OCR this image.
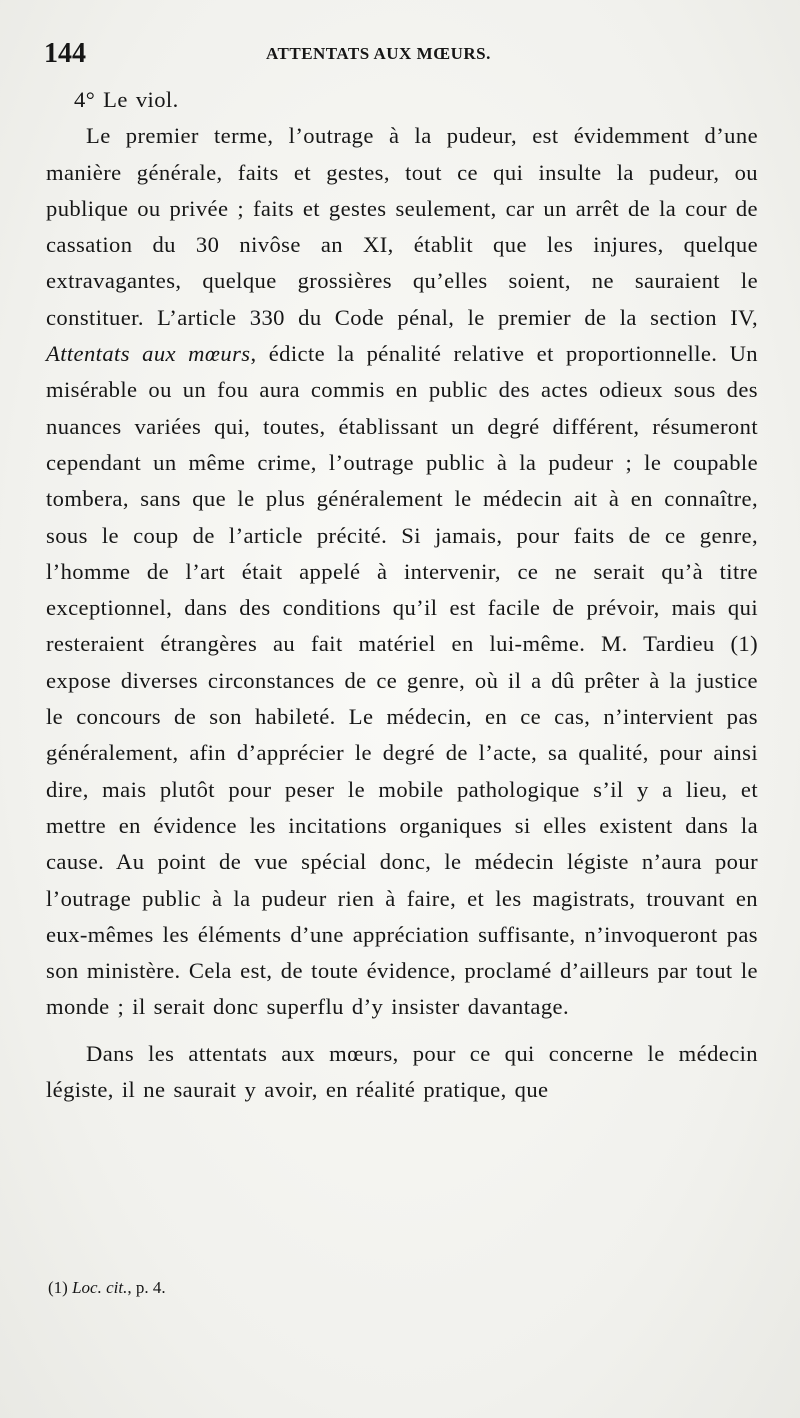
144	ATTENTATS AUX MŒURS.

4° Le viol.

Le premier terme, l’outrage à la pudeur, est évidemment d’une manière générale, faits et gestes, tout ce qui insulte la pudeur, ou publique ou privée ; faits et gestes seulement, car un arrêt de la cour de cassation du 30 nivôse an XI, établit que les injures, quelque extravagantes, quelque grossières qu’elles soient, ne sauraient le constituer. L’article 330 du Code pénal, le premier de la section IV, Attentats aux mœurs, édicte la pénalité relative et proportionnelle. Un misérable ou un fou aura commis en public des actes odieux sous des nuances variées qui, toutes, établissant un degré différent, résumeront cependant un même crime, l’outrage public à la pudeur ; le coupable tombera, sans que le plus généralement le médecin ait à en connaître, sous le coup de l’article précité. Si jamais, pour faits de ce genre, l’homme de l’art était appelé à intervenir, ce ne serait qu’à titre exceptionnel, dans des conditions qu’il est facile de prévoir, mais qui resteraient étrangères au fait matériel en lui-même. M. Tardieu (1) expose diverses circonstances de ce genre, où il a dû prêter à la justice le concours de son habileté. Le médecin, en ce cas, n’intervient pas généralement, afin d’apprécier le degré de l’acte, sa qualité, pour ainsi dire, mais plutôt pour peser le mobile pathologique s’il y a lieu, et mettre en évidence les incitations organiques si elles existent dans la cause. Au point de vue spécial donc, le médecin légiste n’aura pour l’outrage public à la pudeur rien à faire, et les magistrats, trouvant en eux-mêmes les éléments d’une appréciation suffisante, n’invoqueront pas son ministère. Cela est, de toute évidence, proclamé d’ailleurs par tout le monde ; il serait donc superflu d’y insister davantage.

Dans les attentats aux mœurs, pour ce qui concerne le médecin légiste, il ne saurait y avoir, en réalité pratique, que

(1) Loc. cit., p. 4.
